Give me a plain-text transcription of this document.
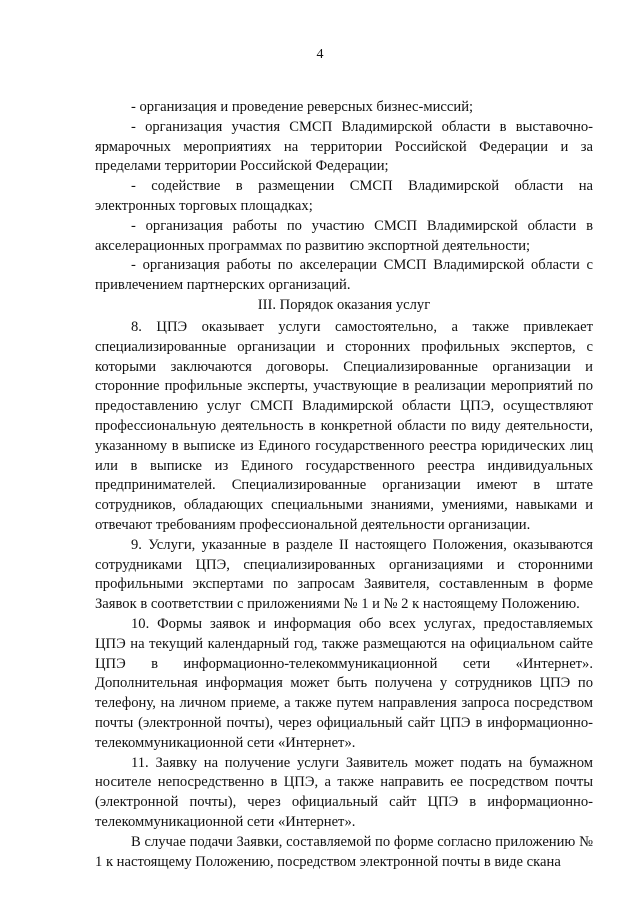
4

- организация и проведение реверсных бизнес-миссий;

- организация участия СМСП Владимирской области в выставочно-ярмарочных мероприятиях на территории Российской Федерации и за пределами территории Российской Федерации;

- содействие в размещении СМСП Владимирской области на электронных торговых площадках;

- организация работы по участию СМСП Владимирской области в акселерационных программах по развитию экспортной деятельности;

- организация работы по акселерации СМСП Владимирской области с привлечением партнерских организаций.

III. Порядок оказания услуг

8. ЦПЭ оказывает услуги самостоятельно, а также привлекает специализированные организации и сторонних профильных экспертов, с которыми заключаются договоры. Специализированные организации и сторонние профильные эксперты, участвующие в реализации мероприятий по предоставлению услуг СМСП Владимирской области ЦПЭ, осуществляют профессиональную деятельность в конкретной области по виду деятельности, указанному в выписке из Единого государственного реестра юридических лиц или в выписке из Единого государственного реестра индивидуальных предпринимателей. Специализированные организации имеют в штате сотрудников, обладающих специальными знаниями, умениями, навыками и отвечают требованиям профессиональной деятельности организации.

9. Услуги, указанные в разделе II настоящего Положения, оказываются сотрудниками ЦПЭ, специализированных организациями и сторонними профильными экспертами по запросам Заявителя, составленным в форме Заявок в соответствии с приложениями № 1 и № 2 к настоящему Положению.

10. Формы заявок и информация обо всех услугах, предоставляемых ЦПЭ на текущий календарный год, также размещаются на официальном сайте ЦПЭ в информационно-телекоммуникационной сети «Интернет». Дополнительная информация может быть получена у сотрудников ЦПЭ по телефону, на личном приеме, а также путем направления запроса посредством почты (электронной почты), через официальный сайт ЦПЭ в информационно-телекоммуникационной сети «Интернет».

11. Заявку на получение услуги Заявитель может подать на бумажном носителе непосредственно в ЦПЭ, а также направить ее посредством почты (электронной почты), через официальный сайт ЦПЭ в информационно-телекоммуникационной сети «Интернет».

В случае подачи Заявки, составляемой по форме согласно приложению № 1 к настоящему Положению, посредством электронной почты в виде скана
